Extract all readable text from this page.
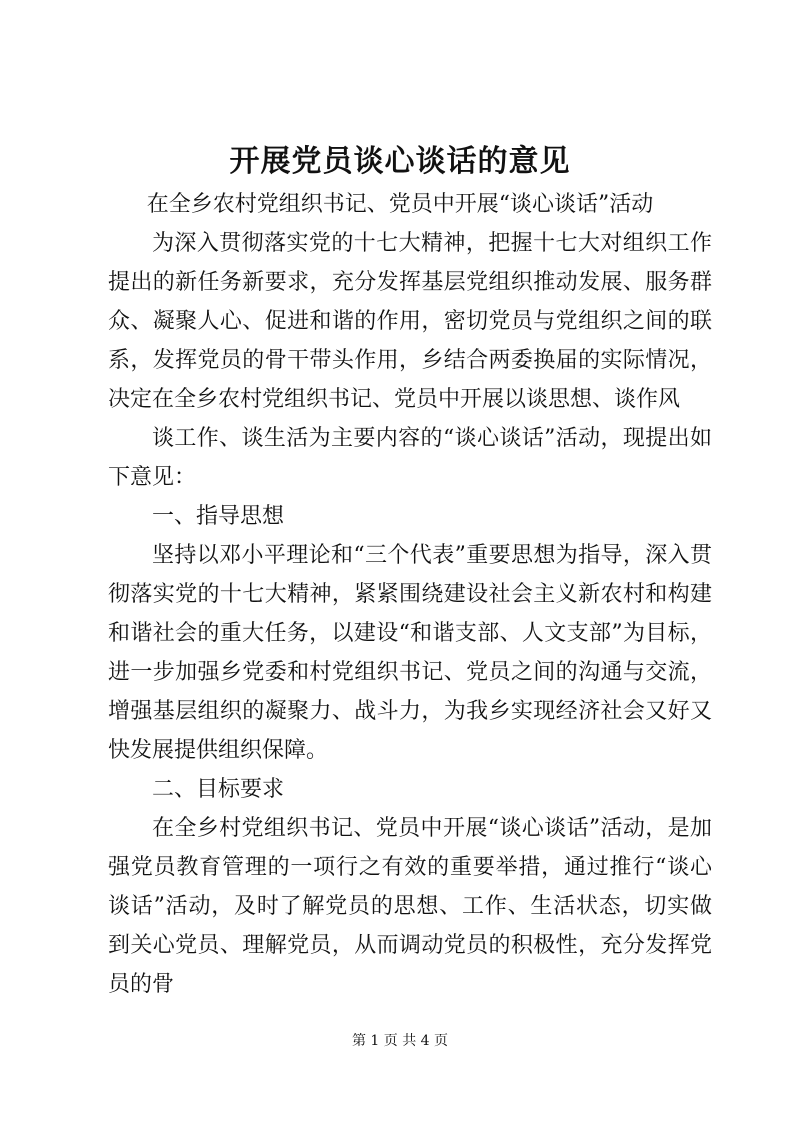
开展党员谈心谈话的意见

在全乡农村党组织书记、党员中开展“谈心谈话”活动

为深入贯彻落实党的十七大精神，把握十七大对组织工作提出的新任务新要求，充分发挥基层党组织推动发展、服务群众、凝聚人心、促进和谐的作用，密切党员与党组织之间的联系，发挥党员的骨干带头作用，乡结合两委换届的实际情况，决定在全乡农村党组织书记、党员中开展以谈思想、谈作风

谈工作、谈生活为主要内容的“谈心谈话”活动，现提出如下意见：

一、指导思想

坚持以邓小平理论和“三个代表”重要思想为指导，深入贯彻落实党的十七大精神，紧紧围绕建设社会主义新农村和构建和谐社会的重大任务，以建设“和谐支部、人文支部”为目标，进一步加强乡党委和村党组织书记、党员之间的沟通与交流，增强基层组织的凝聚力、战斗力，为我乡实现经济社会又好又快发展提供组织保障。

二、目标要求

在全乡村党组织书记、党员中开展“谈心谈话”活动，是加强党员教育管理的一项行之有效的重要举措，通过推行“谈心谈话”活动，及时了解党员的思想、工作、生活状态，切实做到关心党员、理解党员，从而调动党员的积极性，充分发挥党员的骨

第 1 页 共 4 页
